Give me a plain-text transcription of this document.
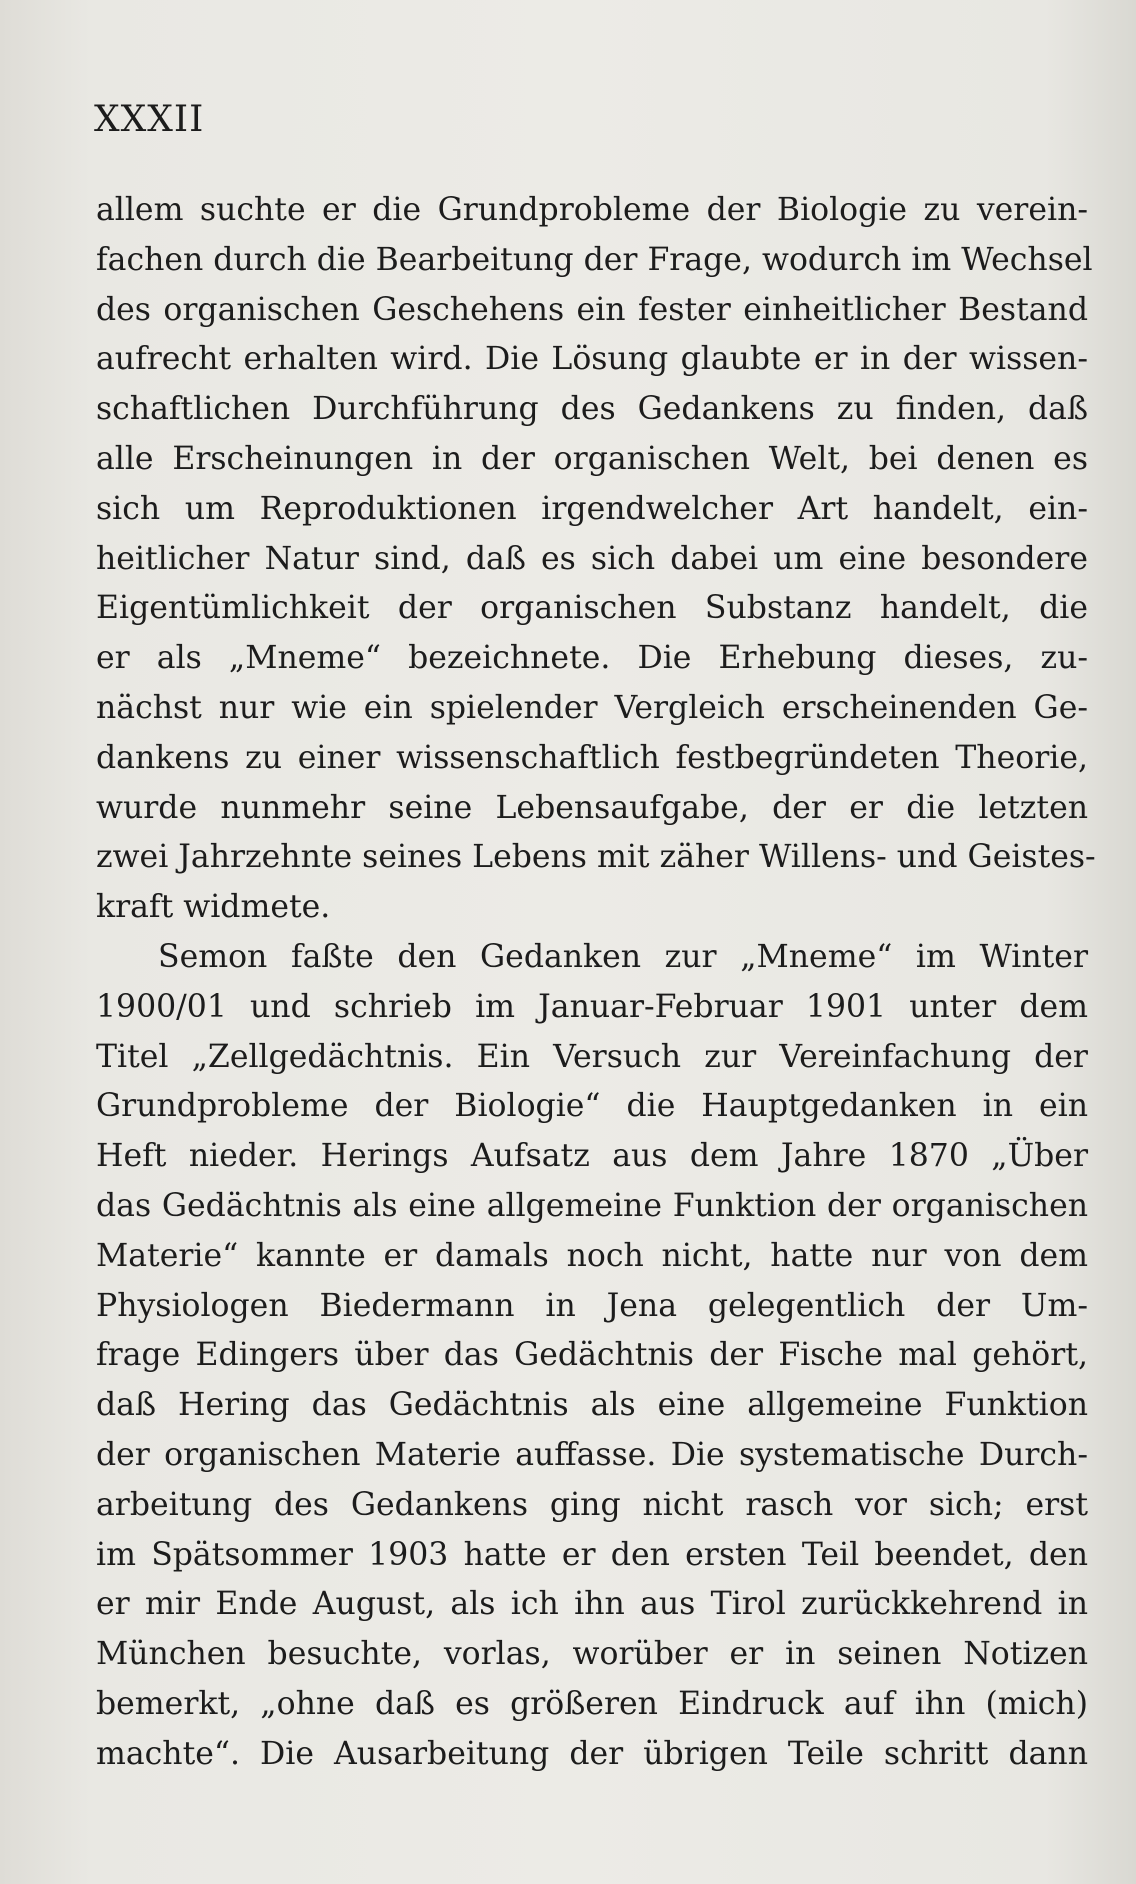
XXXII
allem suchte er die Grundprobleme der Biologie zu verein-
fachen durch die Bearbeitung der Frage, wodurch im Wechsel
des organischen Geschehens ein fester einheitlicher Bestand
aufrecht erhalten wird. Die Lösung glaubte er in der wissen-
schaftlichen Durchführung des Gedankens zu finden, daß
alle Erscheinungen in der organischen Welt, bei denen es
sich um Reproduktionen irgendwelcher Art handelt, ein-
heitlicher Natur sind, daß es sich dabei um eine besondere
Eigentümlichkeit der organischen Substanz handelt, die
er als „Mneme“ bezeichnete. Die Erhebung dieses, zu-
nächst nur wie ein spielender Vergleich erscheinenden Ge-
dankens zu einer wissenschaftlich festbegründeten Theorie,
wurde nunmehr seine Lebensaufgabe, der er die letzten
zwei Jahrzehnte seines Lebens mit zäher Willens- und Geistes-
kraft widmete.
Semon faßte den Gedanken zur „Mneme“ im Winter
1900/01 und schrieb im Januar-Februar 1901 unter dem
Titel „Zellgedächtnis. Ein Versuch zur Vereinfachung der
Grundprobleme der Biologie“ die Hauptgedanken in ein
Heft nieder. Herings Aufsatz aus dem Jahre 1870 „Über
das Gedächtnis als eine allgemeine Funktion der organischen
Materie“ kannte er damals noch nicht, hatte nur von dem
Physiologen Biedermann in Jena gelegentlich der Um-
frage Edingers über das Gedächtnis der Fische mal gehört,
daß Hering das Gedächtnis als eine allgemeine Funktion
der organischen Materie auffasse. Die systematische Durch-
arbeitung des Gedankens ging nicht rasch vor sich; erst
im Spätsommer 1903 hatte er den ersten Teil beendet, den
er mir Ende August, als ich ihn aus Tirol zurückkehrend in
München besuchte, vorlas, worüber er in seinen Notizen
bemerkt, „ohne daß es größeren Eindruck auf ihn (mich)
machte“. Die Ausarbeitung der übrigen Teile schritt dann
